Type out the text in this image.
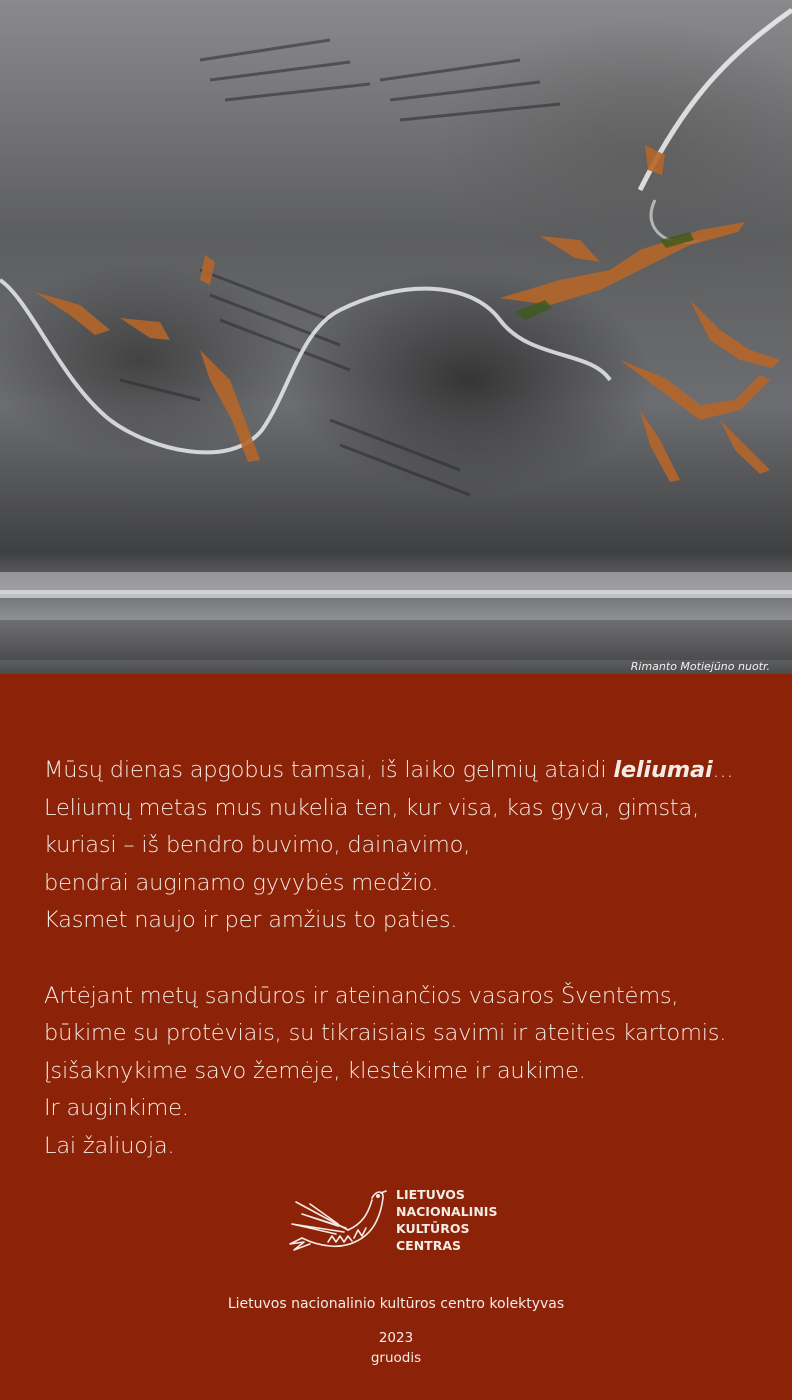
Rimanto Motiejūno nuotr.
Mūsų dienas apgobus tamsai, iš laiko gelmių ataidi leliumai...
Leliumų metas mus nukelia ten, kur visa, kas gyva, gimsta,
kuriasi – iš bendro buvimo, dainavimo,
bendrai auginamo gyvybės medžio.
Kasmet naujo ir per amžius to paties.
Artėjant metų sandūros ir ateinančios vasaros Šventėms,
būkime su protėviais, su tikraisiais savimi ir ateities kartomis.
Įsišaknykime savo žemėje, klestėkime ir aukime.
Ir auginkime.
Lai žaliuoja.
LIETUVOS
NACIONALINIS
KULTŪROS
CENTRAS
Lietuvos nacionalinio kultūros centro kolektyvas
2023
gruodis
